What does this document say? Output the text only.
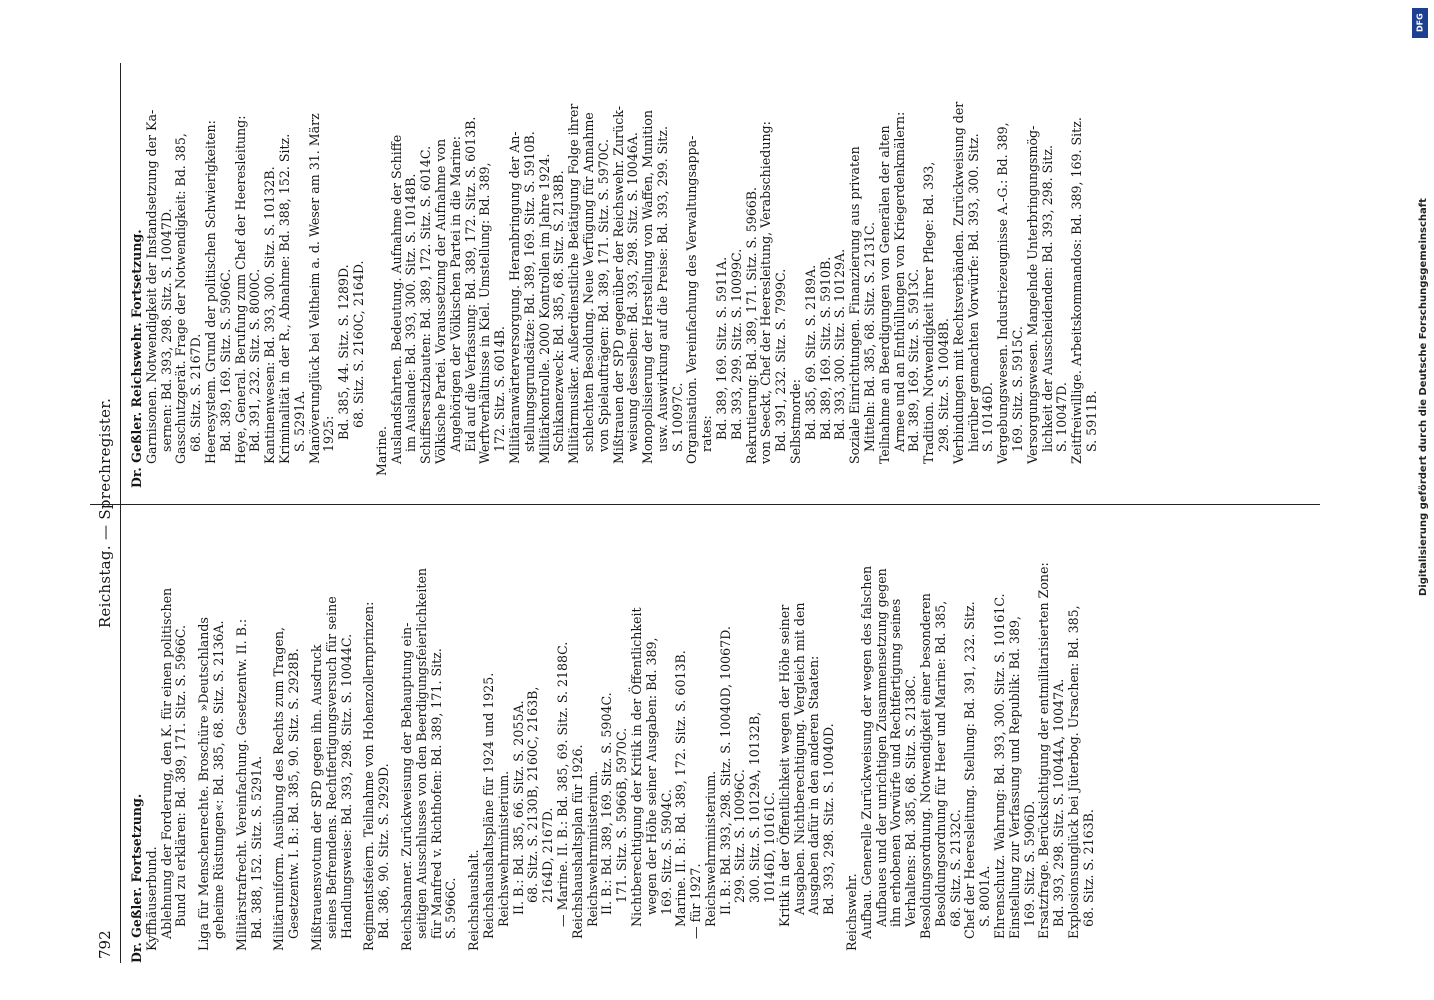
792
Reichstag. — Sprechregister.

Dr. Geßler. Fortsetzung. Kyffhäuserbund. Ablehnung der Forderung, den K. für einen politischen Bund zu erklären: Bd. 389, 171. Sitz. S. 5966C. Liga für Menschenrechte. Broschüre »Deutschlands geheime Rüstungen«: Bd. 385, 68. Sitz. S. 2136A. Militärstrafrecht. Vereinfachung. Gesetzentw. II. B.: Bd. 388, 152. Sitz. S. 5291A. Militäruniform. Ausübung des Rechts zum Tragen, Gesetzentw. I. B.: Bd. 385, 90. Sitz. S. 2928B. Mißtrauensvotum der SPD gegen ihn. Ausdruck seines Befremdens. Rechtfertigungsversuch für seine Handlungsweise: Bd. 393, 298. Sitz. S. 10044C. Regimentsfeiern. Teilnahme von Hohenzollernprinzen: Bd. 386, 90. Sitz. S. 2929D. Reichsbanner. Zurückweisung der Behauptung ein- seitigen Ausschlusses von den Beerdigungsfeierlichkeiten für Manfred v. Richthofen: Bd. 389, 171. Sitz. S. 5966C. Reichshaushalt. Reichshaushaltspläne für 1924 und 1925. Reichswehrministerium. II. B.: Bd. 385, 66. Sitz. S. 2055A. 68. Sitz. S. 2130B, 2160C, 2163B, 2164D, 2167D. — Marine. II. B.: Bd. 385, 69. Sitz. S. 2188C. Reichshaushaltsplan für 1926. Reichswehrministerium. II. B.: Bd. 389, 169. Sitz. S. 5904C. 171. Sitz. S. 5966B, 5970C. Nichtberechtigung der Kritik in der Öffentlichkeit wegen der Höhe seiner Ausgaben: Bd. 389, 169. Sitz. S. 5904C. Marine. II. B.: Bd. 389, 172. Sitz. S. 6013B. — für 1927. Reichswehrministerium. II. B.: Bd. 393, 298. Sitz. S. 10040D, 10067D. 299. Sitz. S. 10096C. 300. Sitz. S. 10129A, 10132B, 10146D, 10161C. Kritik in der Öffentlichkeit wegen der Höhe seiner Ausgaben. Nichtberechtigung. Vergleich mit den Ausgaben dafür in den anderen Staaten: Bd. 393, 298. Sitz. S. 10040D. Reichswehr. Aufbau. Generelle Zurückweisung der wegen des falschen Aufbaues und der unrichtigen Zusammensetzung gegen ihn erhobenen Vorwürfe und Rechtfertigung seines Verhaltens: Bd. 385, 68. Sitz. S. 2138C. Besoldungsordnung. Notwendigkeit einer besonderen Besoldungsordnung für Heer und Marine: Bd. 385, 68. Sitz. S. 2132C. Chef der Heeresleitung. Stellung: Bd. 391, 232. Sitz. S. 8001A. Ehrenschutz. Wahrung: Bd. 393, 300. Sitz. S. 10161C. Einstellung zur Verfassung und Republik: Bd. 389, 169. Sitz. S. 5906D. Ersatzfrage. Berücksichtigung der entmilitarisierten Zone: Bd. 393, 298. Sitz. S. 10044A, 10047A. Explosionsunglück bei Jüterbog. Ursachen: Bd. 385, 68. Sitz. S. 2163B.

Dr. Geßler. Reichswehr. Fortsetzung. Garnisonen. Notwendigkeit der Instandsetzung der Ka- sernen: Bd. 393, 298. Sitz. S. 10047D. Gasschutzgerät. Frage der Notwendigkeit: Bd. 385, 68. Sitz. S. 2167D. Heeresystem. Grund der politischen Schwierigkeiten: Bd. 389, 169. Sitz. S. 5906C. Heye, General. Berufung zum Chef der Heeresleitung: Bd. 391, 232. Sitz. S. 8000C. Kantinenwesen: Bd. 393, 300. Sitz. S. 10132B. Kriminalität in der R., Abnahme: Bd. 388, 152. Sitz. S. 5291A. Manöverunglück bei Veltheim a. d. Weser am 31. März 1925: Bd. 385, 44. Sitz. S. 1289D. 68. Sitz. S. 2160C, 2164D.

Marine. Auslandsfahrten. Bedeutung. Aufnahme der Schiffe im Auslande: Bd. 393, 300. Sitz. S. 10148B. Schiffsersatzbauten: Bd. 389, 172. Sitz. S. 6014C. Völkische Partei. Voraussetzung der Aufnahme von Angehörigen der Völkischen Partei in die Marine: Eid auf die Verfassung: Bd. 389, 172. Sitz. S. 6013B. Werftverhältnisse in Kiel. Umstellung: Bd. 389, 172. Sitz. S. 6014B. Militäranwärterversorgung. Heranbringung der An- stellungsgrundsätze: Bd. 389, 169. Sitz. S. 5910B. Militärkontrolle. 2000 Kontrollen im Jahre 1924. Schikanezweck: Bd. 385, 68. Sitz. S. 2138B. Militärmusiker. Außerdienstliche Betätigung Folge ihrer schlechten Besoldung. Neue Verfügung für Annahme von Spielaufträgen: Bd. 389, 171. Sitz. S. 5970C. Mißtrauen der SPD gegenüber der Reichswehr. Zurück- weisung desselben: Bd. 393, 298. Sitz. S. 10046A. Monopolisierung der Herstellung von Waffen, Munition usw. Auswirkung auf die Preise: Bd. 393, 299. Sitz. S. 10097C. Organisation. Vereinfachung des Verwaltungsappa- rates: Bd. 389, 169. Sitz. S. 5911A. Bd. 393, 299. Sitz. S. 10099C. Rekrutierung: Bd. 389, 171. Sitz. S. 5966B. von Seeckt, Chef der Heeresleitung, Verabschiedung: Bd. 391, 232. Sitz. S. 7999C. Selbstmorde: Bd. 385, 69. Sitz. S. 2189A. Bd. 389, 169. Sitz. S. 5910B. Bd. 393, 300. Sitz. S. 10129A. Soziale Einrichtungen. Finanzierung aus privaten Mitteln: Bd. 385, 68. Sitz. S. 2131C. Teilnahme an Beerdigungen von Generälen der alten Armee und an Enthüllungen von Kriegerdenkmälern: Bd. 389, 169. Sitz. S. 5913C. Tradition. Notwendigkeit ihrer Pflege: Bd. 393, 298. Sitz. S. 10048B. Verbindungen mit Rechtsverbänden. Zurückweisung der hierüber gemachten Vorwürfe: Bd. 393, 300. Sitz. S. 10146D. Vergebungswesen. Industriezeugnisse A.-G.: Bd. 389, 169. Sitz. S. 5915C. Versorgungswesen. Mangelnde Unterbringungsmög- lichkeit der Ausscheidenden: Bd. 393, 298. Sitz. S. 10047D. Zeitfreiwillige. Arbeitskommandos: Bd. 389, 169. Sitz. S. 5911B.

DFG
Digitalisierung gefördert durch die Deutsche Forschungsgemeinschaft
